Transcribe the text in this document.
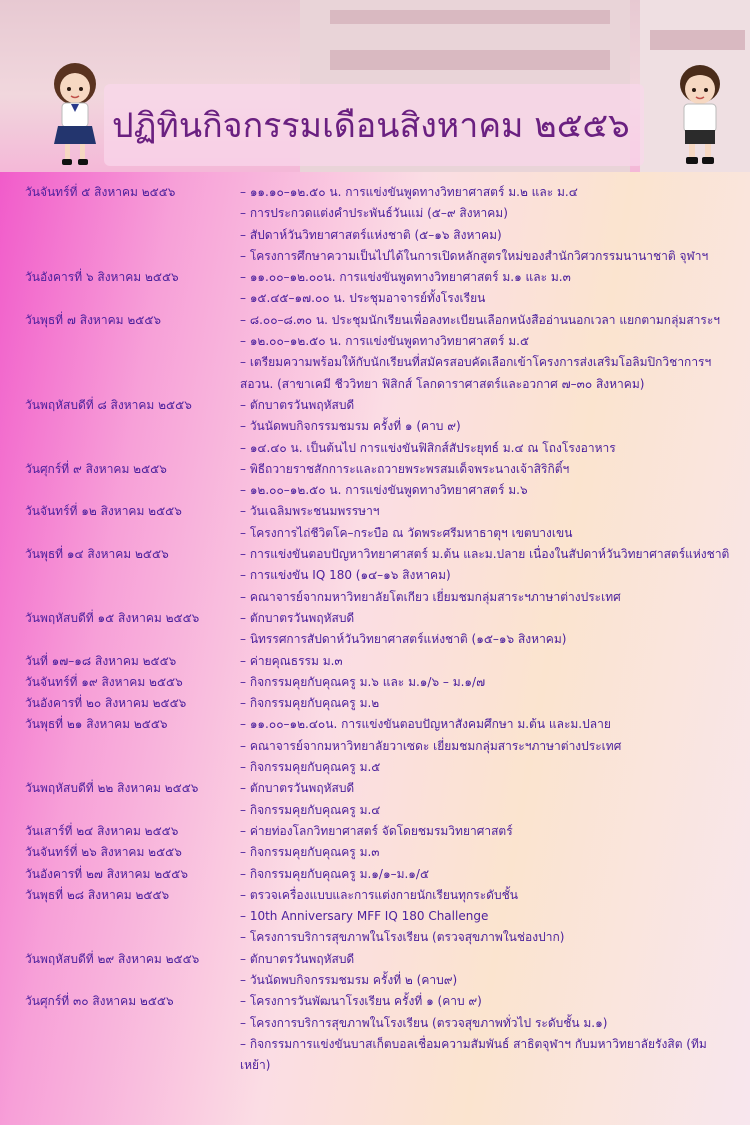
ปฏิทินกิจกรรมเดือนสิงหาคม ๒๕๕๖
วันจันทร์ที่ ๕ สิงหาคม ๒๕๕๖	– ๑๑.๑๐–๑๒.๕๐ น. การแข่งขันพูดทางวิทยาศาสตร์ ม.๒ และ ม.๔
– การประกวดแต่งคำประพันธ์วันแม่ (๕–๙ สิงหาคม)
– สัปดาห์วันวิทยาศาสตร์แห่งชาติ (๕–๑๖ สิงหาคม)
– โครงการศึกษาความเป็นไปได้ในการเปิดหลักสูตรใหม่ของสำนักวิศวกรรมนานาชาติ จุฬาฯ
วันอังคารที่ ๖ สิงหาคม ๒๕๕๖	– ๑๑.๐๐–๑๒.๐๐น. การแข่งขันพูดทางวิทยาศาสตร์ ม.๑ และ ม.๓
– ๑๕.๔๕–๑๗.๐๐ น. ประชุมอาจารย์ทั้งโรงเรียน
วันพุธที่ ๗ สิงหาคม ๒๕๕๖	– ๘.๐๐–๘.๓๐ น. ประชุมนักเรียนเพื่อลงทะเบียนเลือกหนังสืออ่านนอกเวลา แยกตามกลุ่มสาระฯ
– ๑๒.๐๐–๑๒.๕๐ น. การแข่งขันพูดทางวิทยาศาสตร์ ม.๕
– เตรียมความพร้อมให้กับนักเรียนที่สมัครสอบคัดเลือกเข้าโครงการส่งเสริมโอลิมปิกวิชาการฯ สอวน. (สาขาเคมี ชีววิทยา ฟิสิกส์ โลกดาราศาสตร์และอวกาศ ๗–๓๐ สิงหาคม)
วันพฤหัสบดีที่ ๘ สิงหาคม ๒๕๕๖	– ตักบาตรวันพฤหัสบดี
– วันนัดพบกิจกรรมชมรม ครั้งที่ ๑ (คาบ ๙)
– ๑๔.๔๐ น. เป็นต้นไป การแข่งขันฟิสิกส์สัประยุทธ์ ม.๔ ณ โถงโรงอาหาร
วันศุกร์ที่ ๙ สิงหาคม ๒๕๕๖	– พิธีถวายราชสักการะและถวายพระพรสมเด็จพระนางเจ้าสิริกิติ์ฯ
– ๑๒.๐๐–๑๒.๕๐ น. การแข่งขันพูดทางวิทยาศาสตร์ ม.๖
วันจันทร์ที่ ๑๒ สิงหาคม ๒๕๕๖	– วันเฉลิมพระชนมพรรษาฯ
– โครงการไถ่ชีวิตโค–กระบือ ณ วัดพระศรีมหาธาตุฯ เขตบางเขน
วันพุธที่ ๑๔ สิงหาคม ๒๕๕๖	– การแข่งขันตอบปัญหาวิทยาศาสตร์ ม.ต้น และม.ปลาย เนื่องในสัปดาห์วันวิทยาศาสตร์แห่งชาติ
– การแข่งขัน IQ 180 (๑๔–๑๖ สิงหาคม)
– คณาจารย์จากมหาวิทยาลัยโตเกียว เยี่ยมชมกลุ่มสาระฯภาษาต่างประเทศ
วันพฤหัสบดีที่ ๑๕ สิงหาคม ๒๕๕๖	– ตักบาตรวันพฤหัสบดี
– นิทรรศการสัปดาห์วันวิทยาศาสตร์แห่งชาติ (๑๕–๑๖ สิงหาคม)
วันที่ ๑๗–๑๘ สิงหาคม ๒๕๕๖	– ค่ายคุณธรรม ม.๓
วันจันทร์ที่ ๑๙ สิงหาคม ๒๕๕๖	– กิจกรรมคุยกับคุณครู ม.๖ และ ม.๑/๖ – ม.๑/๗
วันอังคารที่ ๒๐ สิงหาคม ๒๕๕๖	– กิจกรรมคุยกับคุณครู ม.๒
วันพุธที่ ๒๑ สิงหาคม ๒๕๕๖	– ๑๑.๐๐–๑๒.๔๐น. การแข่งขันตอบปัญหาสังคมศึกษา ม.ต้น และม.ปลาย
– คณาจารย์จากมหาวิทยาลัยวาเซดะ เยี่ยมชมกลุ่มสาระฯภาษาต่างประเทศ
– กิจกรรมคุยกับคุณครู ม.๕
วันพฤหัสบดีที่ ๒๒ สิงหาคม ๒๕๕๖	– ตักบาตรวันพฤหัสบดี
– กิจกรรมคุยกับคุณครู ม.๔
วันเสาร์ที่ ๒๔ สิงหาคม ๒๕๕๖	– ค่ายท่องโลกวิทยาศาสตร์ จัดโดยชมรมวิทยาศาสตร์
วันจันทร์ที่ ๒๖ สิงหาคม ๒๕๕๖	– กิจกรรมคุยกับคุณครู ม.๓
วันอังคารที่ ๒๗ สิงหาคม ๒๕๕๖	– กิจกรรมคุยกับคุณครู ม.๑/๑–ม.๑/๕
วันพุธที่ ๒๘ สิงหาคม ๒๕๕๖	– ตรวจเครื่องแบบและการแต่งกายนักเรียนทุกระดับชั้น
– 10th Anniversary MFF IQ 180 Challenge
– โครงการบริการสุขภาพในโรงเรียน (ตรวจสุขภาพในช่องปาก)
วันพฤหัสบดีที่ ๒๙ สิงหาคม ๒๕๕๖	– ตักบาตรวันพฤหัสบดี
– วันนัดพบกิจกรรมชมรม ครั้งที่ ๒ (คาบ๙)
วันศุกร์ที่ ๓๐ สิงหาคม ๒๕๕๖	– โครงการวันพัฒนาโรงเรียน ครั้งที่ ๑ (คาบ ๙)
– โครงการบริการสุขภาพในโรงเรียน (ตรวจสุขภาพทั่วไป ระดับชั้น ม.๑)
– กิจกรรมการแข่งขันบาสเก็ตบอลเชื่อมความสัมพันธ์ สาธิตจุฬาฯ กับมหาวิทยาลัยรังสิต (ทีมเหย้า)
